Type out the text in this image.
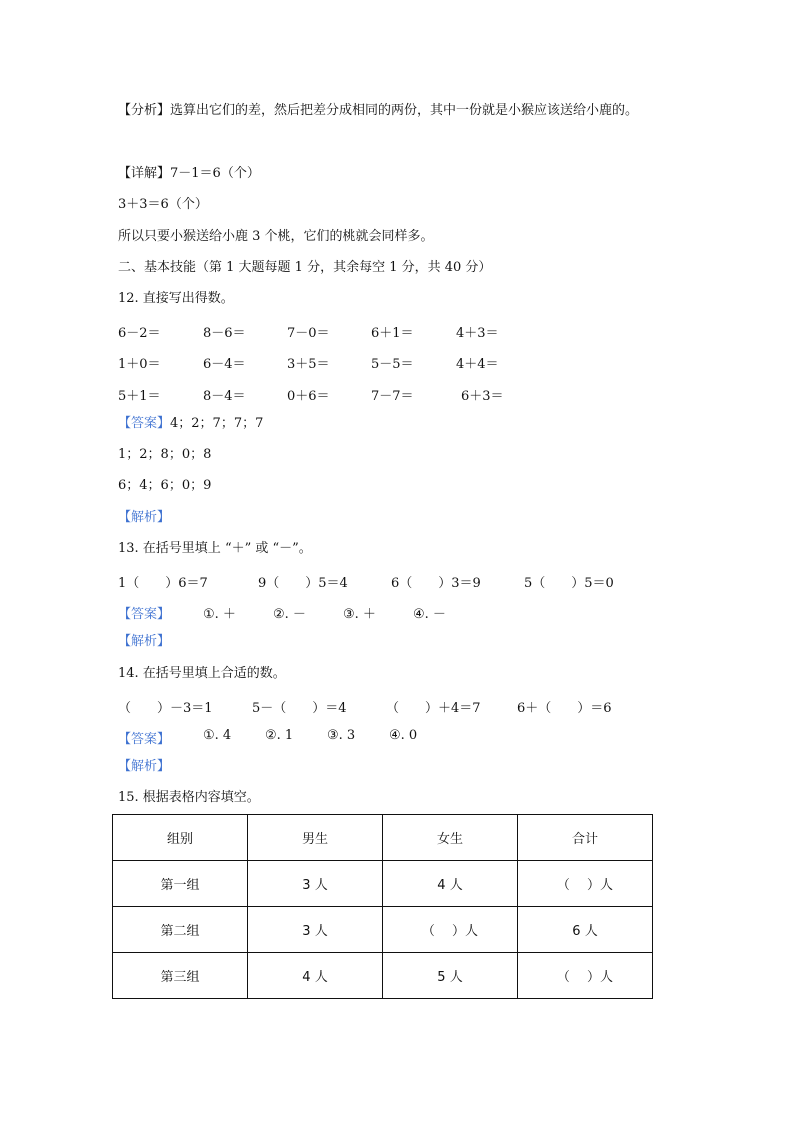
【分析】选算出它们的差，然后把差分成相同的两份，其中一份就是小猴应该送给小鹿的。
【详解】7－1＝6（个）
3＋3＝6（个）
所以只要小猴送给小鹿 3 个桃，它们的桃就会同样多。
二、基本技能（第 1 大题每题 1 分，其余每空 1 分，共 40 分）
12. 直接写出得数。
6－2＝	8－6＝	7－0＝	6＋1＝	4＋3＝
1＋0＝	6－4＝	3＋5＝	5－5＝	4＋4＝
5＋1＝	8－4＝	0＋6＝	7－7＝	6＋3＝
【答案】4；2；7；7；7
1；2；8；0；8
6；4；6；0；9
【解析】
13. 在括号里填上 “＋” 或 “－”。
1（　　）6＝7	9（　　）5＝4	6（　　）3＝9	5（　　）5＝0
【答案】	①. ＋	②. －	③. ＋	④. －
【解析】
14. 在括号里填上合适的数。
（　　）－3＝1	5－（　　）＝4	（　　）＋4＝7	6＋（　　）＝6
【答案】	①. 4	②. 1	③. 3	④. 0
【解析】
15. 根据表格内容填空。
组别	男生	女生	合计
第一组	3 人	4 人	（　 ）人
第二组	3 人	（　 ）人	6 人
第三组	4 人	5 人	（　 ）人
